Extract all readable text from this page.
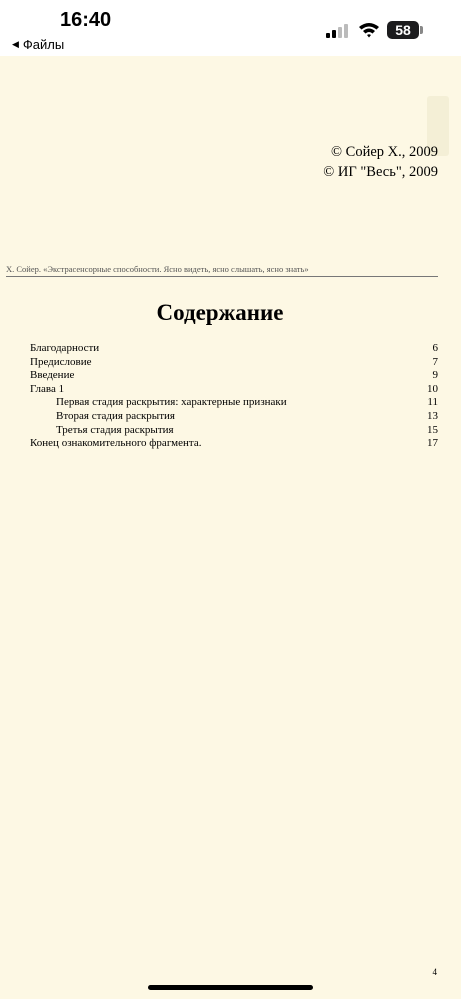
16:40
◀ Файлы
58
© Сойер Х., 2009
© ИГ "Весь", 2009
Х. Сойер. «Экстрасенсорные способности. Ясно видеть, ясно слышать, ясно знать»
Содержание
Благодарности	6
Предисловие	7
Введение	9
Глава 1	10
Первая стадия раскрытия: характерные признаки	11
Вторая стадия раскрытия	13
Третья стадия раскрытия	15
Конец ознакомительного фрагмента.	17
4
